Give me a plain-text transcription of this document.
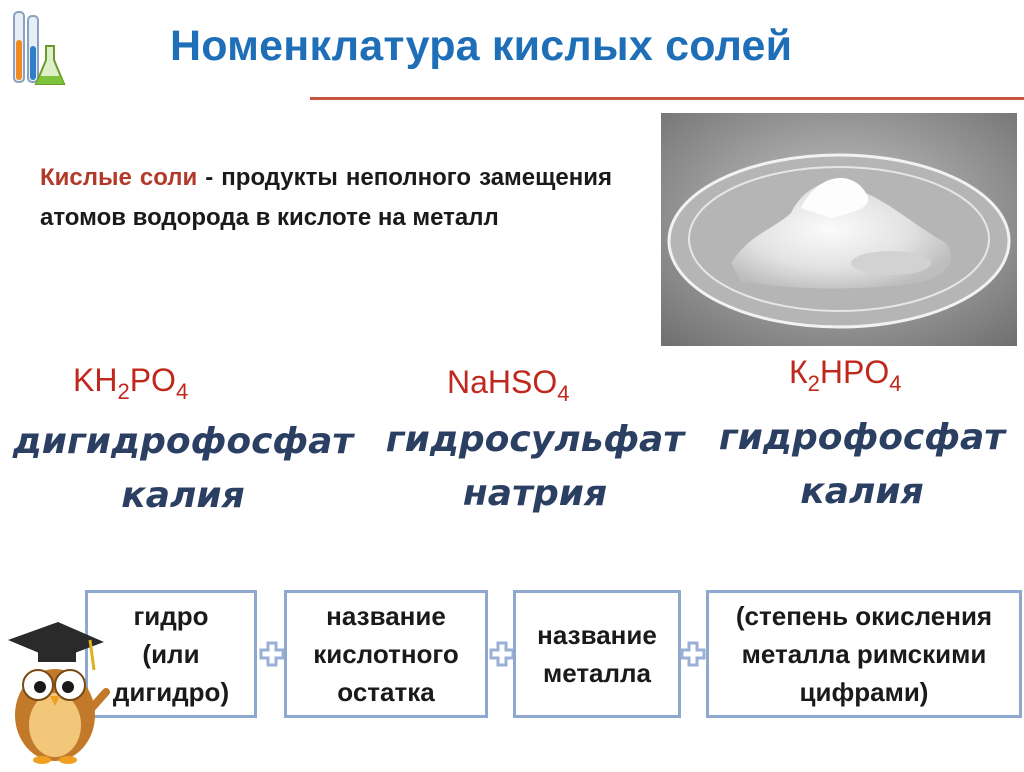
Номенклатура кислых солей
Кислые соли - продукты неполного замещения атомов водорода в кислоте на металл
$KH_2PO_4$	NaHSO$_4$
$К_2HPO_4$
дигидрофосфат
калия
гидросульфат
натрия
гидрофосфат
калия
гидро
(или
дигидро)
название
кислотного
остатка
название
металла
(степень окисления
металла римскими
цифрами)
